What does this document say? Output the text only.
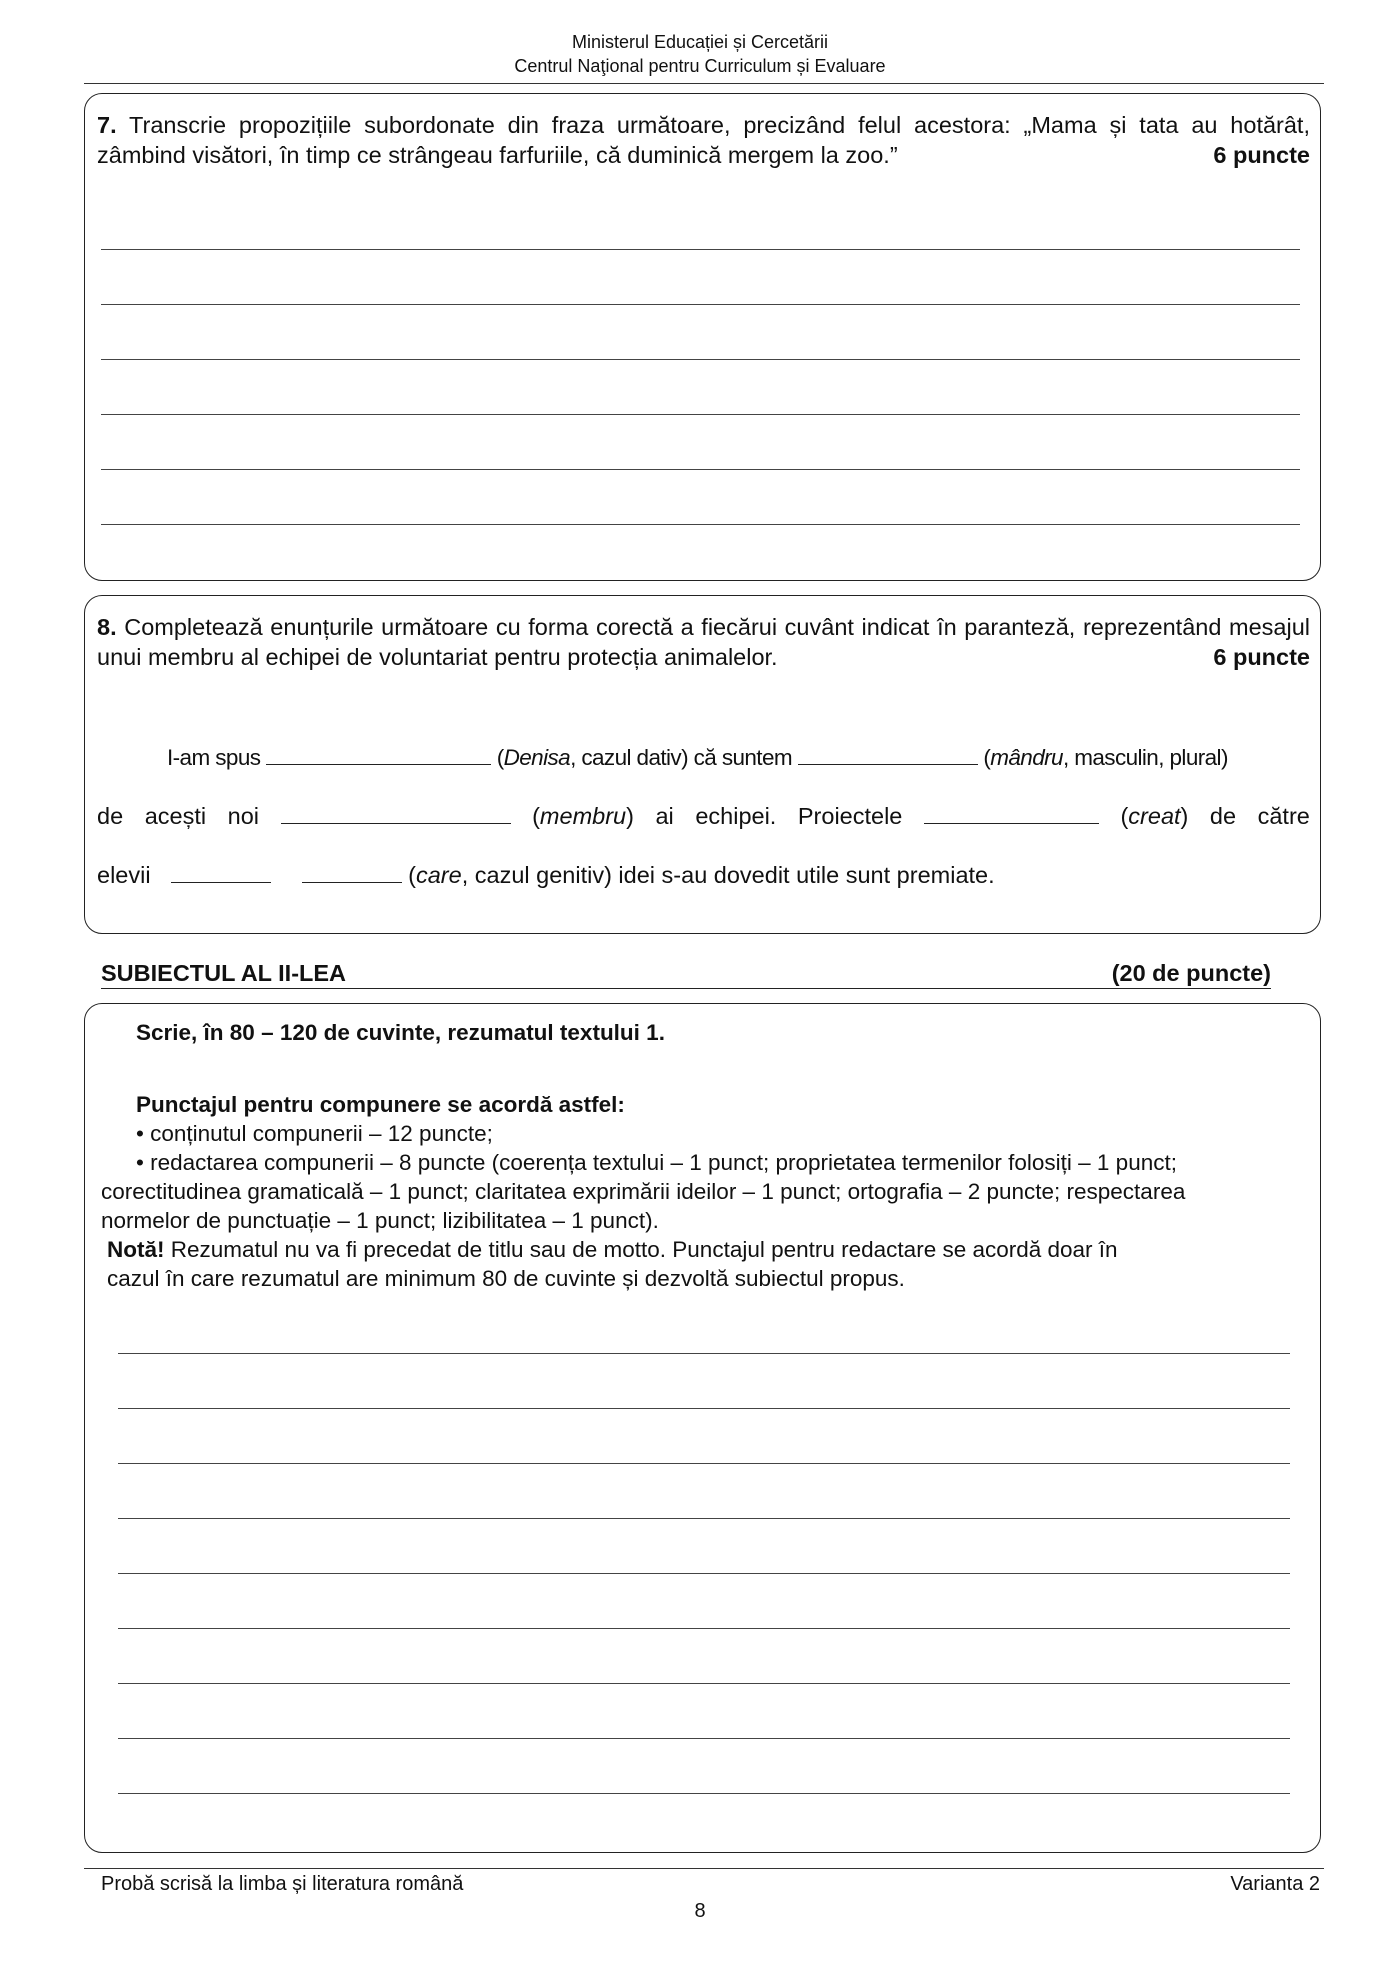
Ministerul Educației și Cercetării
Centrul Naţional pentru Curriculum și Evaluare
7. Transcrie propozițiile subordonate din fraza următoare, precizând felul acestora: „Mama și tata au hotărât, zâmbind visători, în timp ce strângeau farfuriile, că duminică mergem la zoo.”	6 puncte
8. Completează enunțurile următoare cu forma corectă a fiecărui cuvânt indicat în paranteză, reprezentând mesajul unui membru al echipei de voluntariat pentru protecția animalelor.	6 puncte
I-am spus	(Denisa, cazul dativ) că suntem	(mândru, masculin, plural)
de acești noi	(membru) ai echipei. Proiectele	(creat) de către
elevii	(care, cazul genitiv) idei s-au dovedit utile sunt premiate.
SUBIECTUL AL II-LEA	(20 de puncte)
Scrie, în 80 – 120 de cuvinte, rezumatul textului 1.
Punctajul pentru compunere se acordă astfel:
• conținutul compunerii – 12 puncte;
• redactarea compunerii – 8 puncte (coerența textului – 1 punct; proprietatea termenilor folosiți – 1 punct;
corectitudinea gramaticală – 1 punct; claritatea exprimării ideilor – 1 punct; ortografia – 2 puncte; respectarea
normelor de punctuație – 1 punct; lizibilitatea – 1 punct).
Notă! Rezumatul nu va fi precedat de titlu sau de motto. Punctajul pentru redactare se acordă doar în
cazul în care rezumatul are minimum 80 de cuvinte și dezvoltă subiectul propus.
Probă scrisă la limba și literatura română	Varianta 2
8
